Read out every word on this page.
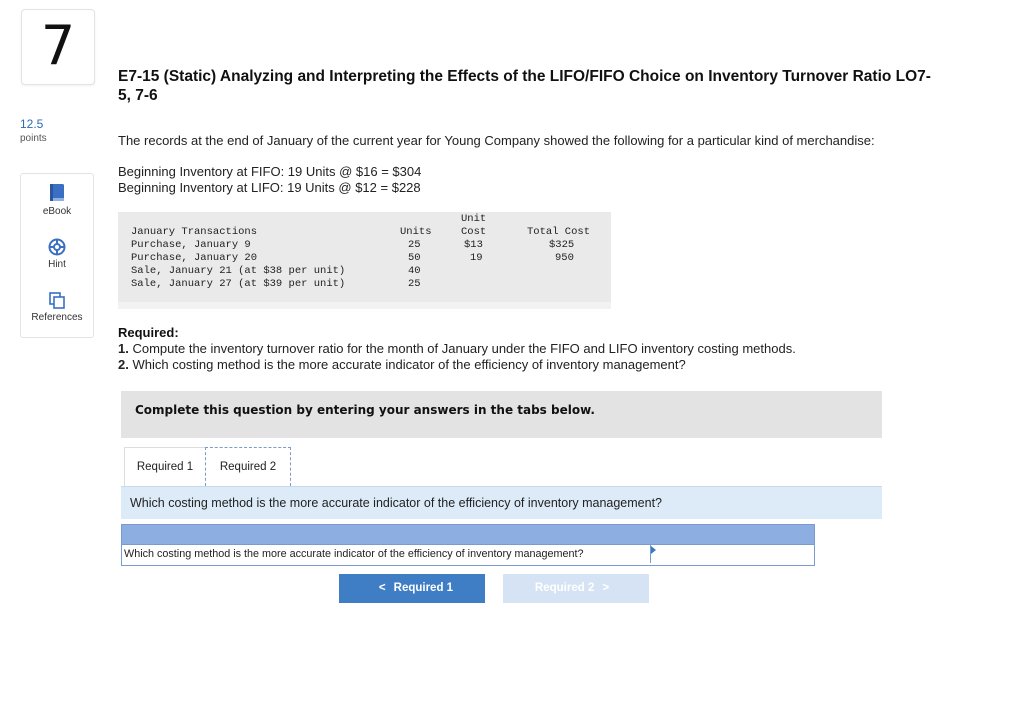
7
12.5
points
eBook
Hint
References
E7-15 (Static) Analyzing and Interpreting the Effects of the LIFO/FIFO Choice on Inventory Turnover Ratio LO7-5, 7-6
The records at the end of January of the current year for Young Company showed the following for a particular kind of merchandise:
Beginning Inventory at FIFO: 19 Units @ $16 = $304
Beginning Inventory at LIFO: 19 Units @ $12 = $228
Unit
January Transactions	Units	Cost	Total Cost
Purchase, January 9	25	$13	$325
Purchase, January 20	50	19	950
Sale, January 21 (at $38 per unit)	40
Sale, January 27 (at $39 per unit)	25
Required:
1. Compute the inventory turnover ratio for the month of January under the FIFO and LIFO inventory costing methods.
2. Which costing method is the more accurate indicator of the efficiency of inventory management?
Complete this question by entering your answers in the tabs below.
Required 1	Required 2
Which costing method is the more accurate indicator of the efficiency of inventory management?
Which costing method is the more accurate indicator of the efficiency of inventory management?
< Required 1	Required 2 >
